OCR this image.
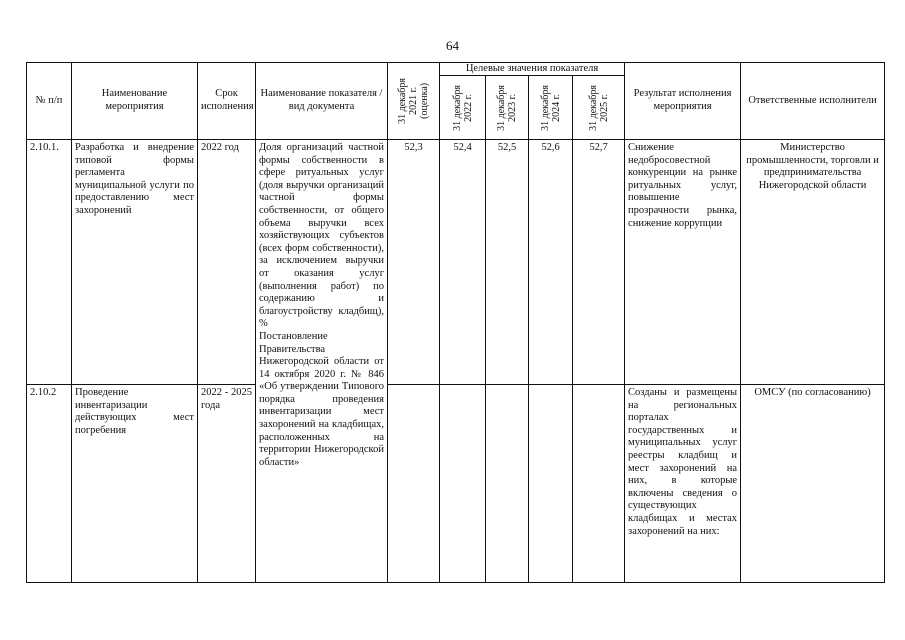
64
№ п/п	Наименование мероприятия	Срок исполнения	Наименование показателя / вид документа	31 декабря
2021 г.
(оценка)	Целевые значения показателя				Результат исполнения мероприятия	Ответственные исполнители

					31 декабря
2022 г.	31 декабря
2023 г.	31 декабря
2024 г.	31 декабря
2025 г.		

2.10.1.	Разработка и внедрение типовой формы регламента муниципальной услуги по предоставлению мест захоронений	2022 год	Доля организаций частной формы собственности в сфере ритуальных услуг (доля выручки организаций частной формы собственности, от общего объема выручки всех хозяйствующих субъектов (всех форм собственности), за исключением выручки от оказания услуг (выполнения работ) по содержанию и благоустройству кладбищ), %
Постановление Правительства Нижегородской области от 14 октября 2020 г. № 846 «Об утверждении Типового порядка проведения инвентаризации мест захоронений на кладбищах, расположенных на территории Нижегородской области»	52,3	52,4	52,5	52,6	52,7	Снижение недобросовестной конкуренции на рынке ритуальных услуг, повышение прозрачности рынка, снижение коррупции	Министерство промышленности, торговли и предпринимательства Нижегородской области
2.10.2	Проведение инвентаризации действующих мест погребения	2022 - 2025 года							Созданы и размещены на региональных порталах государственных и муниципальных услуг реестры кладбищ и мест захоронений на них, в которые включены сведения о существующих кладбищах и местах захоронений на них:	ОМСУ (по согласованию)
